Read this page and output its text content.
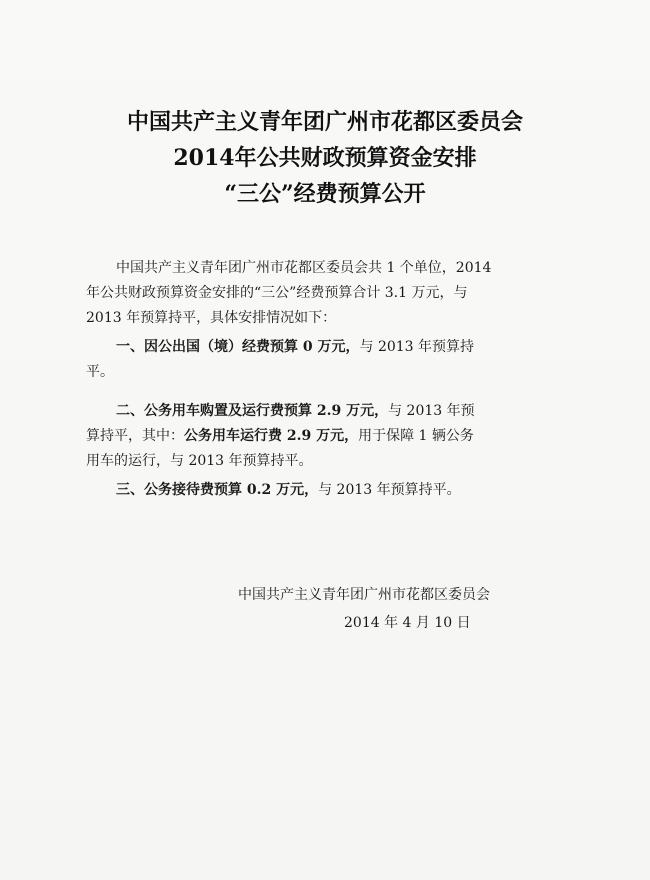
中国共产主义青年团广州市花都区委员会
2014年公共财政预算资金安排
“三公”经费预算公开

中国共产主义青年团广州市花都区委员会共 1 个单位，2014

年公共财政预算资金安排的“三公”经费预算合计 3.1 万元，与

2013 年预算持平，具体安排情况如下：

一、因公出国（境）经费预算 0 万元，与 2013 年预算持

平。

二、公务用车购置及运行费预算 2.9 万元，与 2013 年预

算持平，其中：公务用车运行费 2.9 万元，用于保障 1 辆公务

用车的运行，与 2013 年预算持平。

三、公务接待费预算 0.2 万元，与 2013 年预算持平。

中国共产主义青年团广州市花都区委员会
2014 年 4 月 10 日
